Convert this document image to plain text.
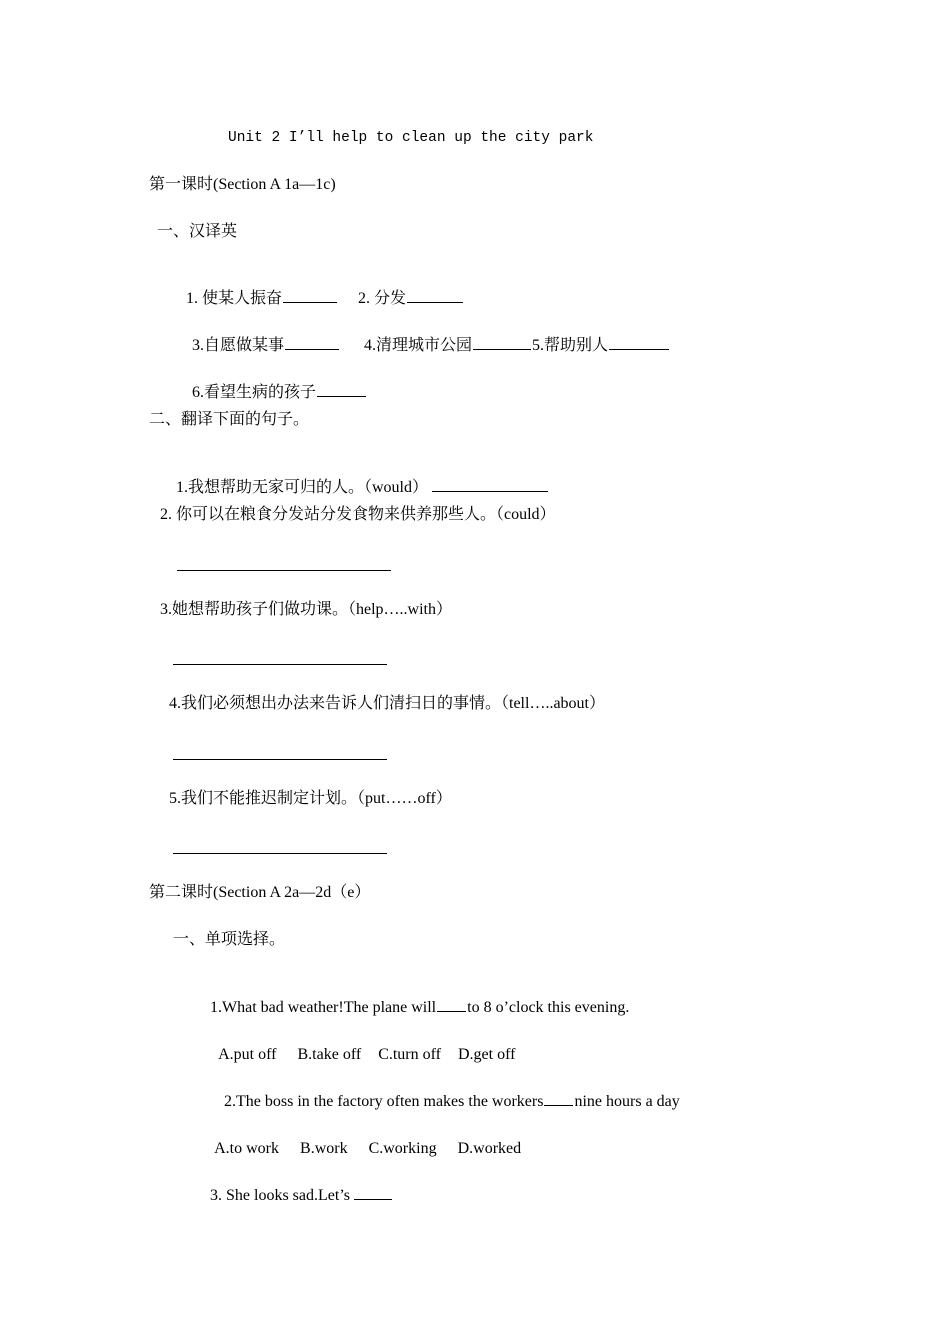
Unit 2 I’ll help to clean up the city park
第一课时(Section A 1a—1c)
一、汉译英

1. 使某人振奋	2. 分发

3.自愿做某事	4.清理城市公园	5.帮助别人

6.看望生病的孩子

二、翻译下面的句子。

1.我想帮助无家可归的人。（would）

2. 你可以在粮食分发站分发食物来供养那些人。（could）
3.她想帮助孩子们做功课。（help…..with）
4.我们必须想出办法来告诉人们清扫日的事情。（tell…..about）
5.我们不能推迟制定计划。（put……off）
第二课时(Section A 2a—2d（e）
一、单项选择。

1.What bad weather!The plane will to 8 o’clock this evening.

A.put off B.take off C.turn off D.get off

2.The boss in the factory often makes the workers nine hours a day

A.to work B.work C.working D.worked

3. She looks sad.Let’s
